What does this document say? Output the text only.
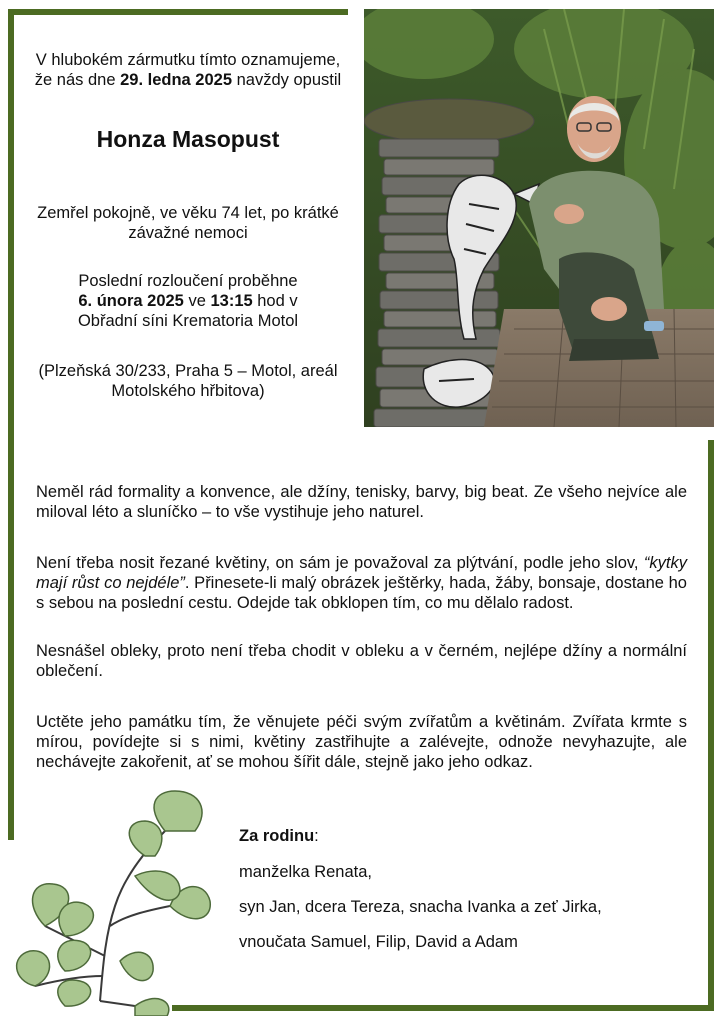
V hlubokém zármutku tímto oznamujeme,
že nás dne 29. ledna 2025 navždy opustil
Honza Masopust
Zemřel pokojně, ve věku 74 let, po krátké
závažné nemoci
Poslední rozloučení proběhne
6. února 2025 ve 13:15 hod v
Obřadní síni Krematoria Motol
(Plzeňská 30/233, Praha 5 – Motol, areál
Motolského hřbitova)
Neměl rád formality a konvence, ale džíny, tenisky, barvy, big beat. Ze všeho nejvíce ale miloval léto a sluníčko – to vše vystihuje jeho naturel.
Není třeba nosit řezané květiny, on sám je považoval za plýtvání, podle jeho slov, “kytky mají růst co nejdéle”. Přinesete-li malý obrázek ještěrky, hada, žáby, bonsaje, dostane ho s sebou na poslední cestu. Odejde tak obklopen tím, co mu dělalo radost.
Nesnášel obleky, proto není třeba chodit v obleku a v černém, nejlépe džíny a normální oblečení.
Uctěte jeho památku tím, že věnujete péči svým zvířatům a květinám. Zvířata krmte s mírou, povídejte si s nimi, květiny zastřihujte a zalévejte, odnože nevyhazujte, ale nechávejte zakořenit, ať se mohou šířit dále, stejně jako jeho odkaz.
Za rodinu:
manželka Renata,
syn Jan, dcera Tereza, snacha Ivanka a zeť Jirka,
vnoučata Samuel, Filip, David a Adam
